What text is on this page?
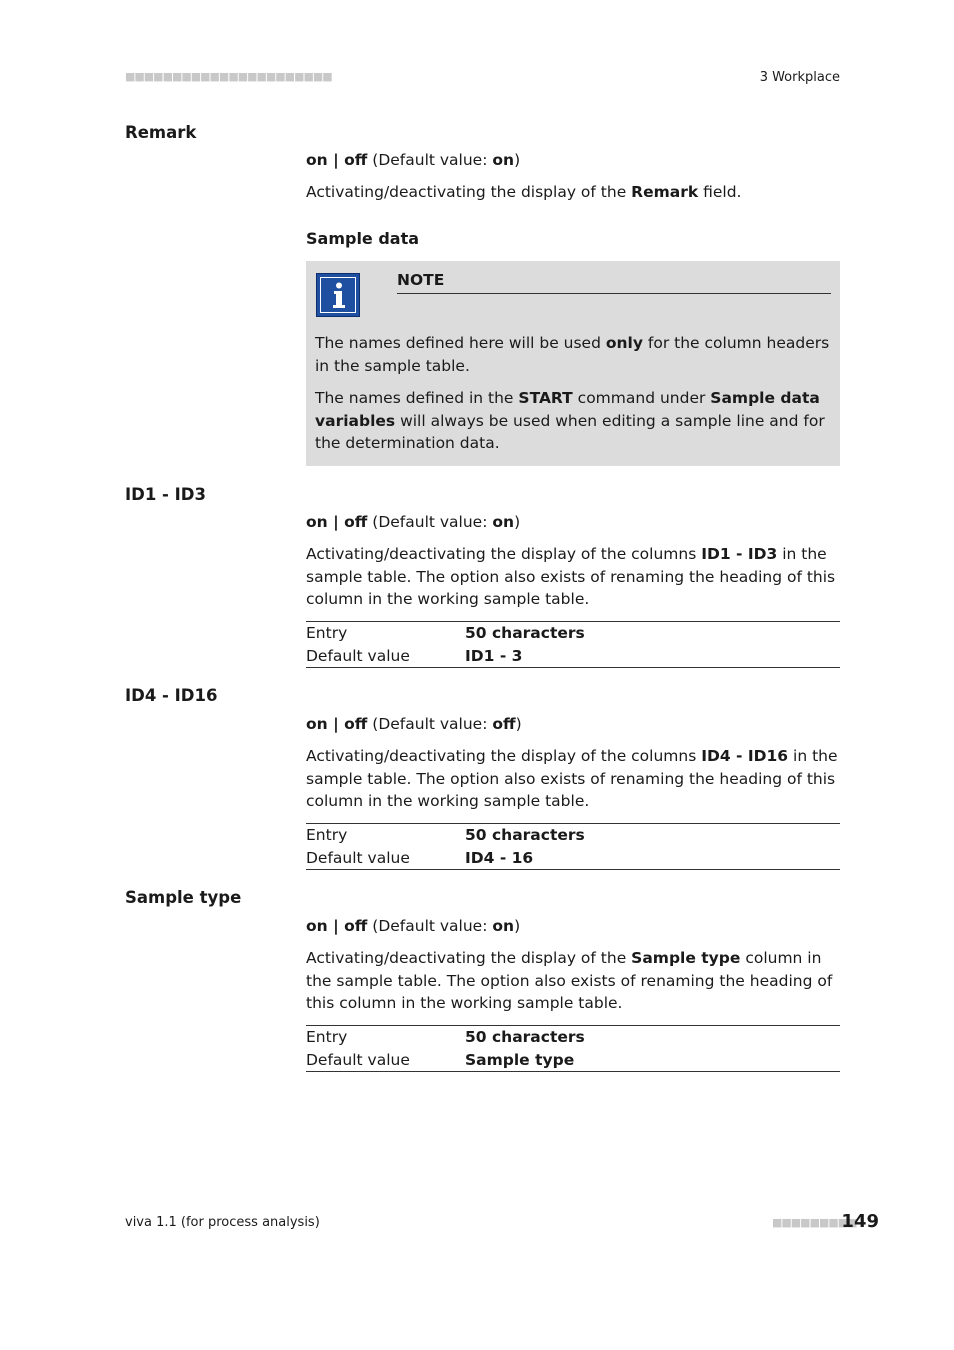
■■■■■■■■■■■■■■■■■■■■■■	3 Workplace
Remark
on | off (Default value: on)
Activating/deactivating the display of the Remark field.
Sample data
NOTE

The names defined here will be used only for the column headers in the sample table.

The names defined in the START command under Sample data variables will always be used when editing a sample line and for the determination data.

ID1 - ID3
on | off (Default value: on)
Activating/deactivating the display of the columns ID1 - ID3 in the sample table. The option also exists of renaming the heading of this column in the working sample table.
Entry	50 characters
Default value	ID1 - 3
ID4 - ID16
on | off (Default value: off)
Activating/deactivating the display of the columns ID4 - ID16 in the sample table. The option also exists of renaming the heading of this column in the working sample table.
Entry	50 characters
Default value	ID4 - 16
Sample type
on | off (Default value: on)
Activating/deactivating the display of the Sample type column in the sample table. The option also exists of renaming the heading of this column in the working sample table.
Entry	50 characters
Default value	Sample type
viva 1.1 (for process analysis)	■■■■■■■■■
149
